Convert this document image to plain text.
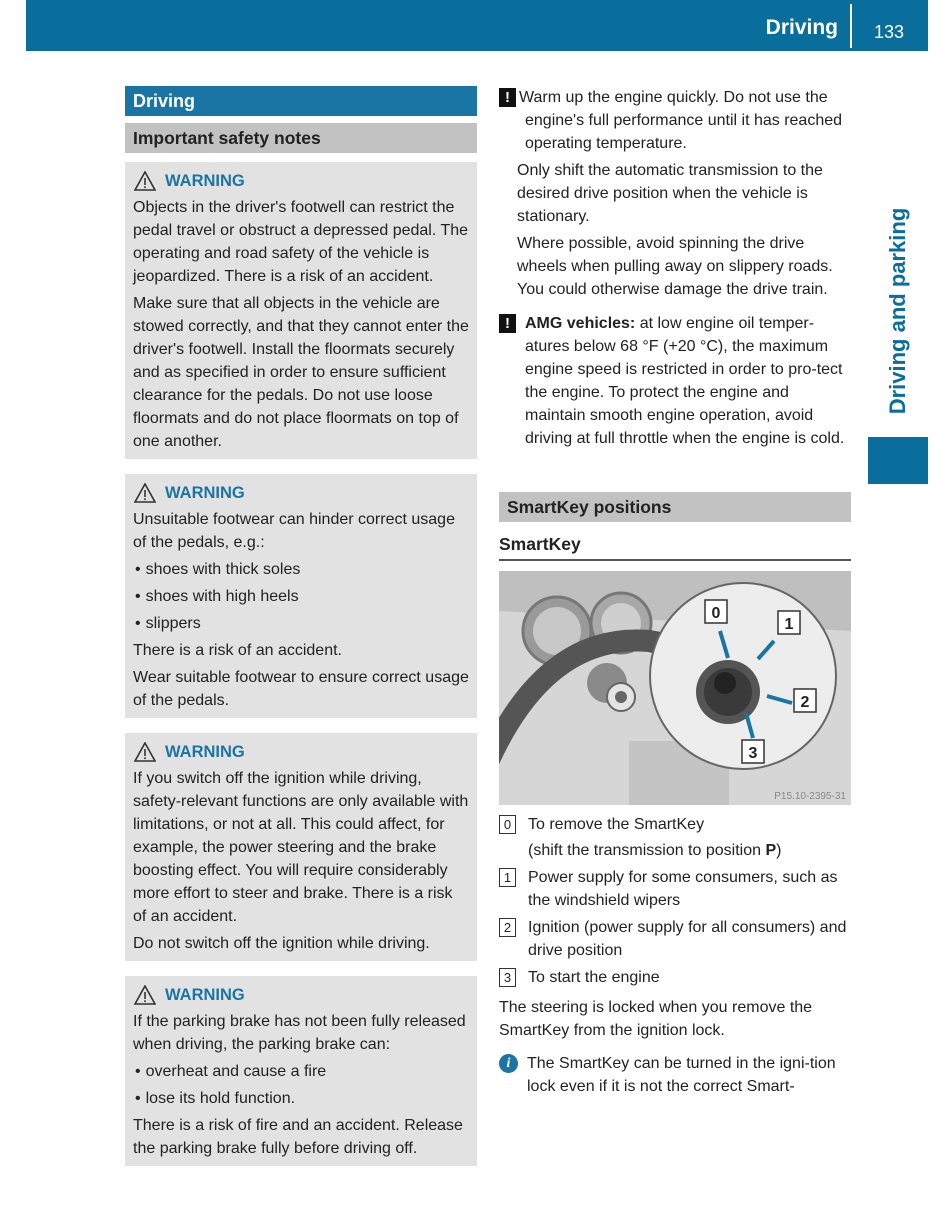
Driving 133
Driving and parking
Driving
Important safety notes
WARNING
Objects in the driver's footwell can restrict the pedal travel or obstruct a depressed pedal. The operating and road safety of the vehicle is jeopardized. There is a risk of an accident.
Make sure that all objects in the vehicle are stowed correctly, and that they cannot enter the driver's footwell. Install the floormats securely and as specified in order to ensure sufficient clearance for the pedals. Do not use loose floormats and do not place floormats on top of one another.
WARNING
Unsuitable footwear can hinder correct usage of the pedals, e.g.:
• shoes with thick soles
• shoes with high heels
• slippers
There is a risk of an accident.
Wear suitable footwear to ensure correct usage of the pedals.
WARNING
If you switch off the ignition while driving, safety-relevant functions are only available with limitations, or not at all. This could affect, for example, the power steering and the brake boosting effect. You will require considerably more effort to steer and brake. There is a risk of an accident.
Do not switch off the ignition while driving.
WARNING
If the parking brake has not been fully released when driving, the parking brake can:
• overheat and cause a fire
• lose its hold function.
There is a risk of fire and an accident. Release the parking brake fully before driving off.
! Warm up the engine quickly. Do not use the engine's full performance until it has reached operating temperature.
Only shift the automatic transmission to the desired drive position when the vehicle is stationary.
Where possible, avoid spinning the drive wheels when pulling away on slippery roads. You could otherwise damage the drive train.
! AMG vehicles: at low engine oil temper-atures below 68 °F (+20 °C), the maximum engine speed is restricted in order to pro-tect the engine. To protect the engine and maintain smooth engine operation, avoid driving at full throttle when the engine is cold.
SmartKey positions
SmartKey
0
1
2
3
P15.10-2395-31
0	To remove the SmartKey
(shift the transmission to position P)
1	Power supply for some consumers, such as the windshield wipers
2	Ignition (power supply for all consumers) and drive position
3	To start the engine
The steering is locked when you remove the SmartKey from the ignition lock.
i	The SmartKey can be turned in the igni-tion lock even if it is not the correct Smart-
